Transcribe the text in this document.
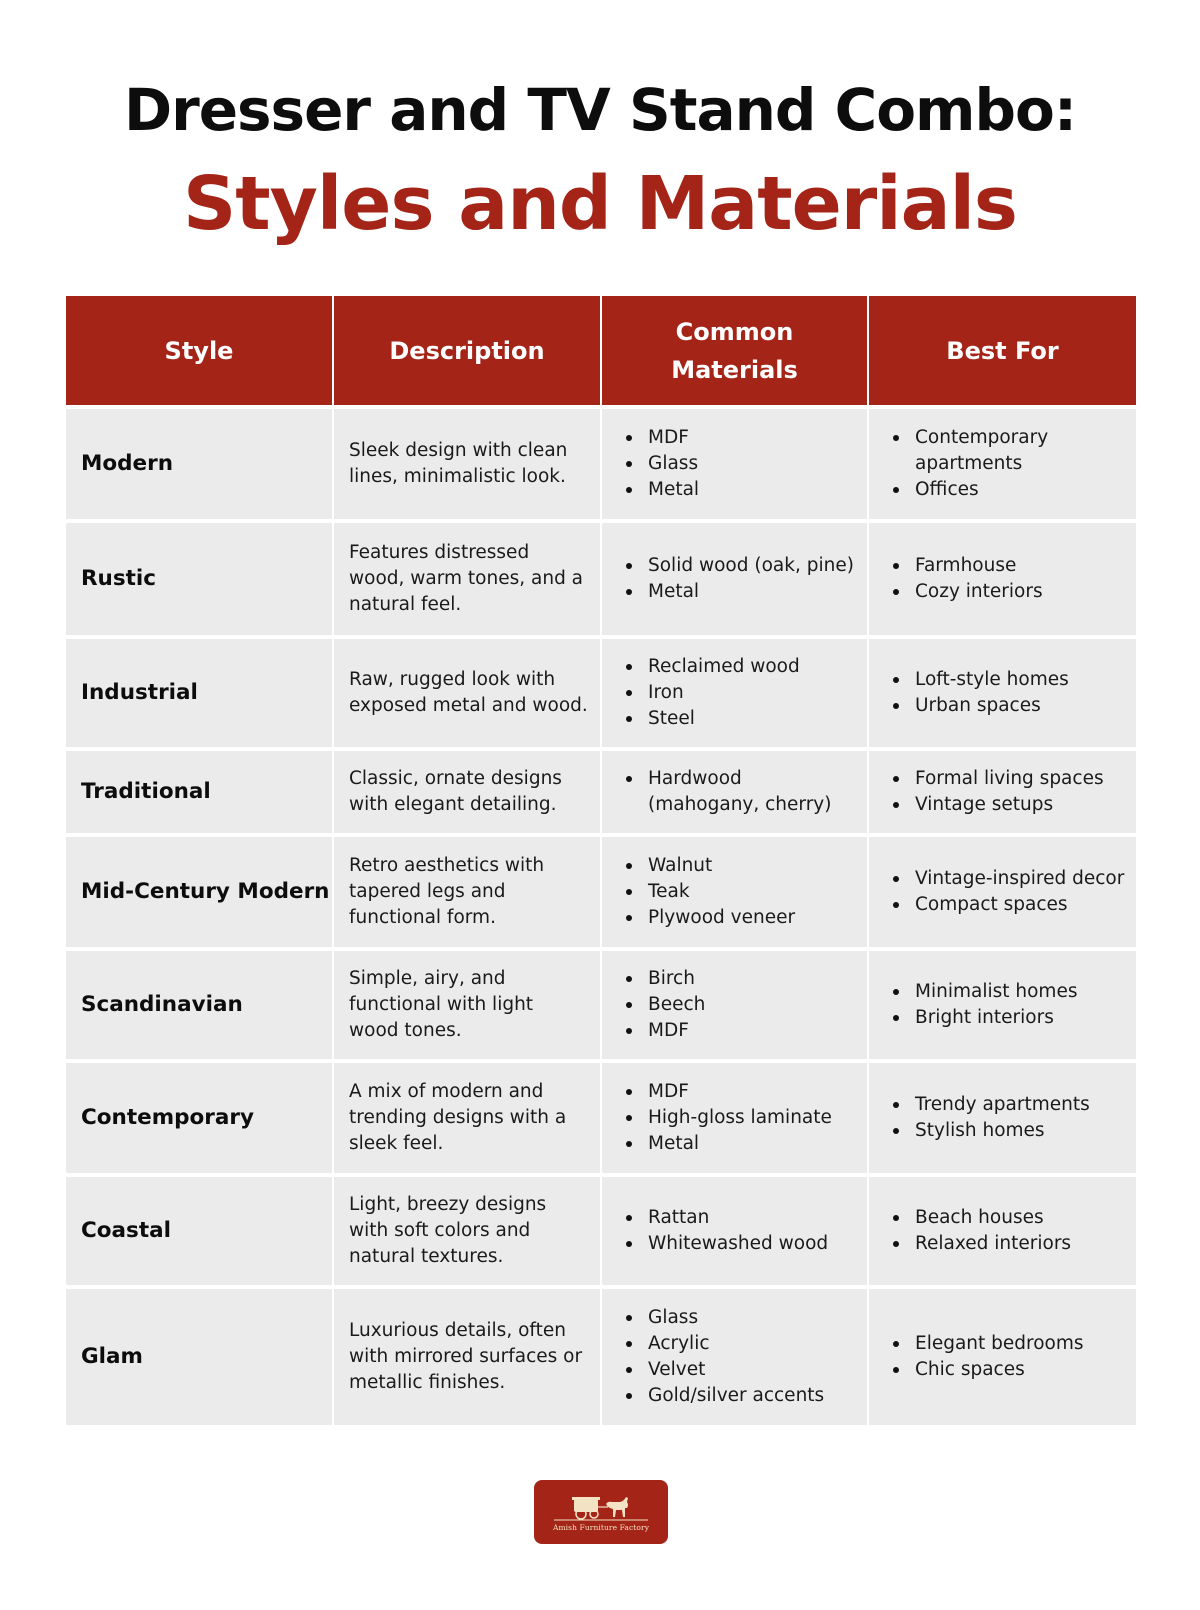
Dresser and TV Stand Combo:
Styles and Materials
Style	Description
Common Materials
Best For
Modern
Sleek design with clean lines, minimalistic look.
MDF
Glass
Metal
Contemporary apartments
Offices
Rustic
Features distressed wood, warm tones, and a natural feel.
Solid wood (oak, pine)
Metal
Farmhouse
Cozy interiors
Industrial
Raw, rugged look with exposed metal and wood.
Reclaimed wood
Iron
Steel
Loft-style homes
Urban spaces
Traditional
Classic, ornate designs with elegant detailing.
Hardwood (mahogany, cherry)
Formal living spaces
Vintage setups
Mid-Century Modern
Retro aesthetics with tapered legs and functional form.
Walnut
Teak
Plywood veneer
Vintage-inspired decor
Compact spaces
Scandinavian
Simple, airy, and functional with light wood tones.
Birch
Beech
MDF
Minimalist homes
Bright interiors
Contemporary
A mix of modern and trending designs with a sleek feel.
MDF
High-gloss laminate
Metal
Trendy apartments
Stylish homes
Coastal
Light, breezy designs with soft colors and natural textures.
Rattan
Whitewashed wood
Beach houses
Relaxed interiors
Glam
Luxurious details, often with mirrored surfaces or metallic finishes.
Glass
Acrylic
Velvet
Gold/silver accents
Elegant bedrooms
Chic spaces
Amish Furniture Factory
